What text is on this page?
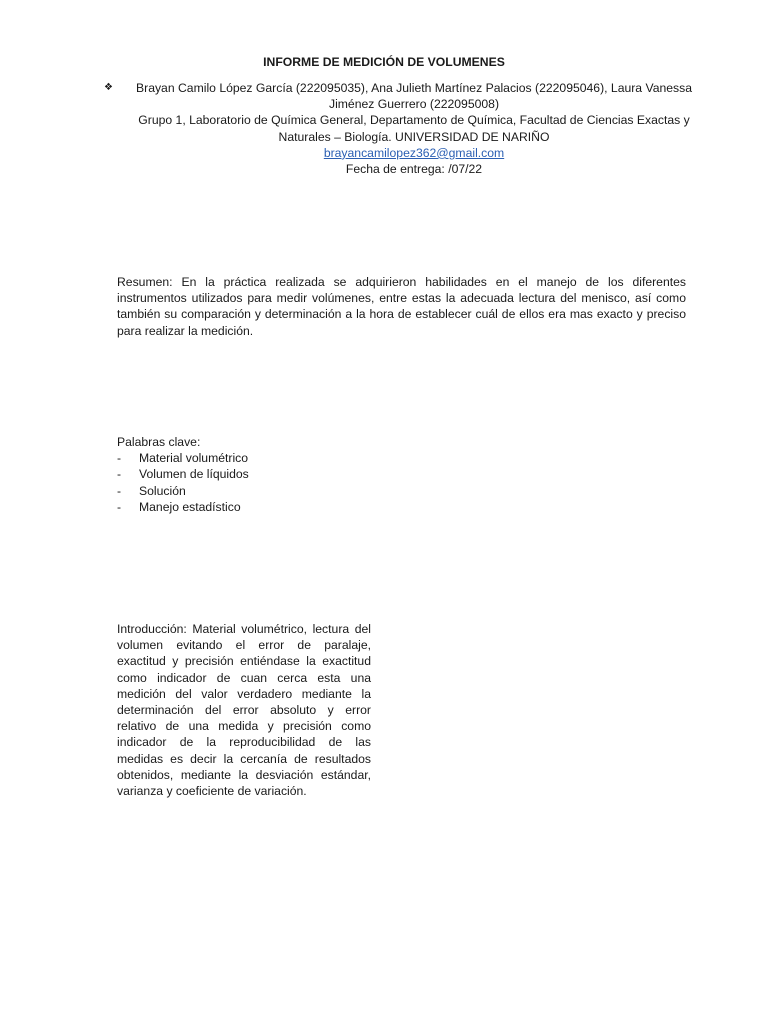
INFORME DE MEDICIÓN DE VOLUMENES
❖	Brayan Camilo López García (222095035), Ana Julieth Martínez Palacios (222095046), Laura Vanessa
Jiménez Guerrero (222095008)
Grupo 1, Laboratorio de Química General, Departamento de Química, Facultad de Ciencias Exactas y
Naturales – Biología. UNIVERSIDAD DE NARIÑO
brayancamilopez362@gmail.com
Fecha de entrega: /07/22
Resumen: En la práctica realizada se adquirieron habilidades en el manejo de los diferentes instrumentos utilizados para medir volúmenes, entre estas la adecuada lectura del menisco, así como también su comparación y determinación a la hora de establecer cuál de ellos era mas exacto y preciso para realizar la medición.
Palabras clave:
-	Material volumétrico
-	Volumen de líquidos
-	Solución
-	Manejo estadístico
Introducción: Material volumétrico, lectura del volumen evitando el error de paralaje, exactitud y precisión entiéndase la exactitud como indicador de cuan cerca esta una medición del valor verdadero mediante la determinación del error absoluto y error relativo de una medida y precisión como indicador de la reproducibilidad de las medidas es decir la cercanía de resultados obtenidos, mediante la desviación estándar, varianza y coeficiente de variación.
